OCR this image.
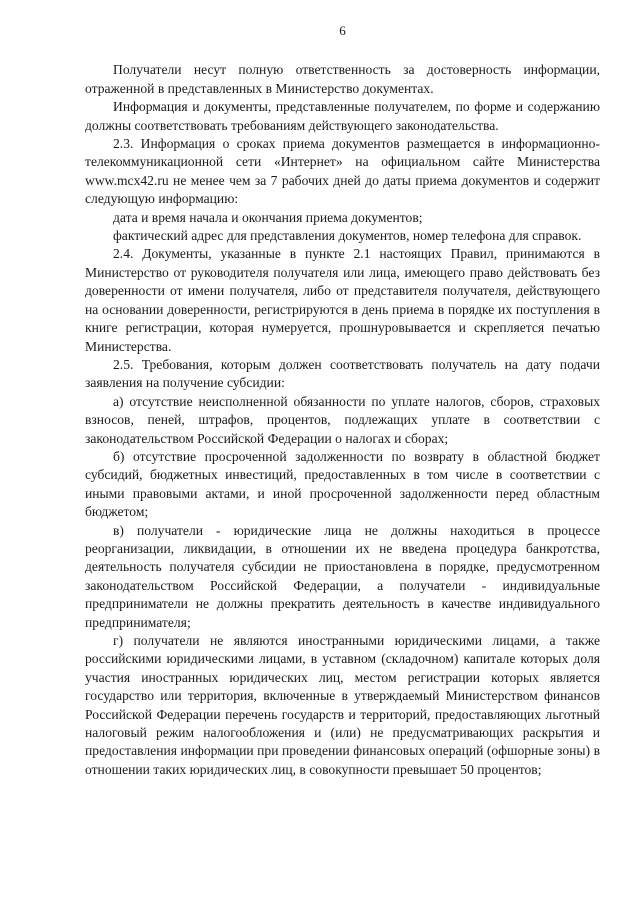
6

Получатели несут полную ответственность за достоверность информации, отраженной в представленных в Министерство документах.

Информация и документы, представленные получателем, по форме и содержанию должны соответствовать требованиям действующего законодательства.

2.3. Информация о сроках приема документов размещается в информационно-телекоммуникационной сети «Интернет» на официальном сайте Министерства www.mcx42.ru не менее чем за 7 рабочих дней до даты приема документов и содержит следующую информацию:

дата и время начала и окончания приема документов;

фактический адрес для представления документов, номер телефона для справок.

2.4. Документы, указанные в пункте 2.1 настоящих Правил, принимаются в Министерство от руководителя получателя или лица, имеющего право действовать без доверенности от имени получателя, либо от представителя получателя, действующего на основании доверенности, регистрируются в день приема в порядке их поступления в книге регистрации, которая нумеруется, прошнуровывается и скрепляется печатью Министерства.

2.5. Требования, которым должен соответствовать получатель на дату подачи заявления на получение субсидии:

а) отсутствие неисполненной обязанности по уплате налогов, сборов, страховых взносов, пеней, штрафов, процентов, подлежащих уплате в соответствии с законодательством Российской Федерации о налогах и сборах;

б) отсутствие просроченной задолженности по возврату в областной бюджет субсидий, бюджетных инвестиций, предоставленных в том числе в соответствии с иными правовыми актами, и иной просроченной задолженности перед областным бюджетом;

в) получатели - юридические лица не должны находиться в процессе реорганизации, ликвидации, в отношении их не введена процедура банкротства, деятельность получателя субсидии не приостановлена в порядке, предусмотренном законодательством Российской Федерации, а получатели - индивидуальные предприниматели не должны прекратить деятельность в качестве индивидуального предпринимателя;

г) получатели не являются иностранными юридическими лицами, а также российскими юридическими лицами, в уставном (складочном) капитале которых доля участия иностранных юридических лиц, местом регистрации которых является государство или территория, включенные в утверждаемый Министерством финансов Российской Федерации перечень государств и территорий, предоставляющих льготный налоговый режим налогообложения и (или) не предусматривающих раскрытия и предоставления информации при проведении финансовых операций (офшорные зоны) в отношении таких юридических лиц, в совокупности превышает 50 процентов;
